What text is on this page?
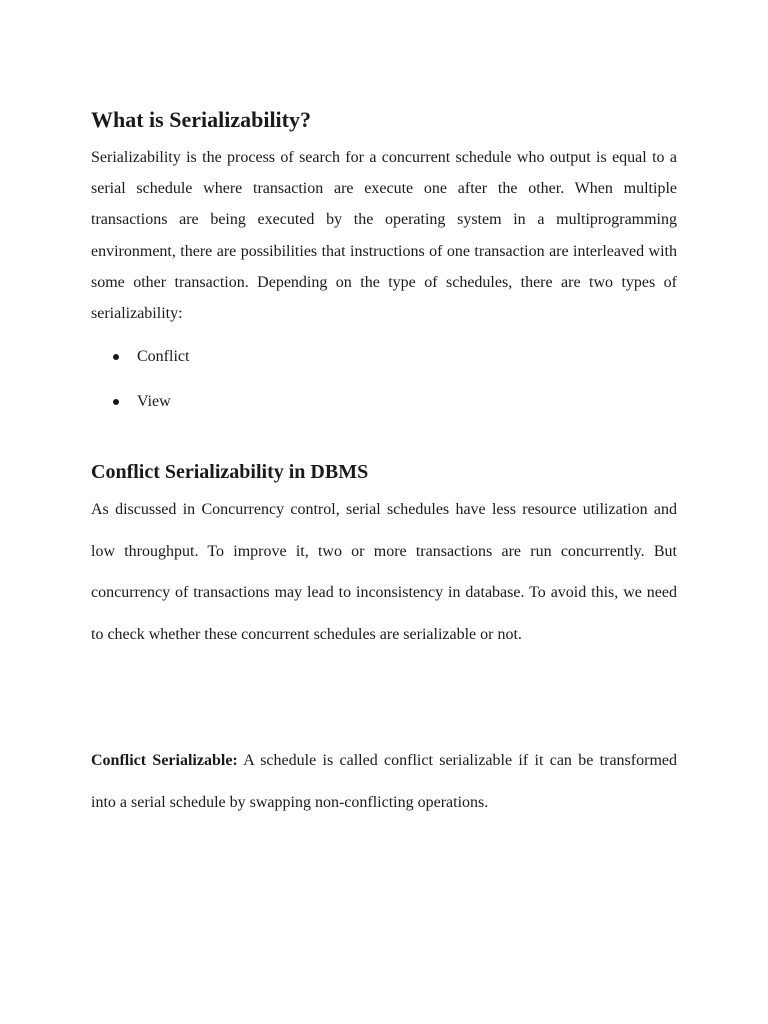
What is Serializability?

Serializability is the process of search for a concurrent schedule who output is equal to a serial schedule where transaction are execute one after the other. When multiple transactions are being executed by the operating system in a multiprogramming environment, there are possibilities that instructions of one transaction are interleaved with some other transaction. Depending on the type of schedules, there are two types of serializability:

Conflict
View
Conflict Serializability in DBMS

As discussed in Concurrency control, serial schedules have less resource utilization and low throughput. To improve it, two or more transactions are run concurrently. But concurrency of transactions may lead to inconsistency in database. To avoid this, we need to check whether these concurrent schedules are serializable or not.

Conflict Serializable: A schedule is called conflict serializable if it can be transformed into a serial schedule by swapping non-conflicting operations.
